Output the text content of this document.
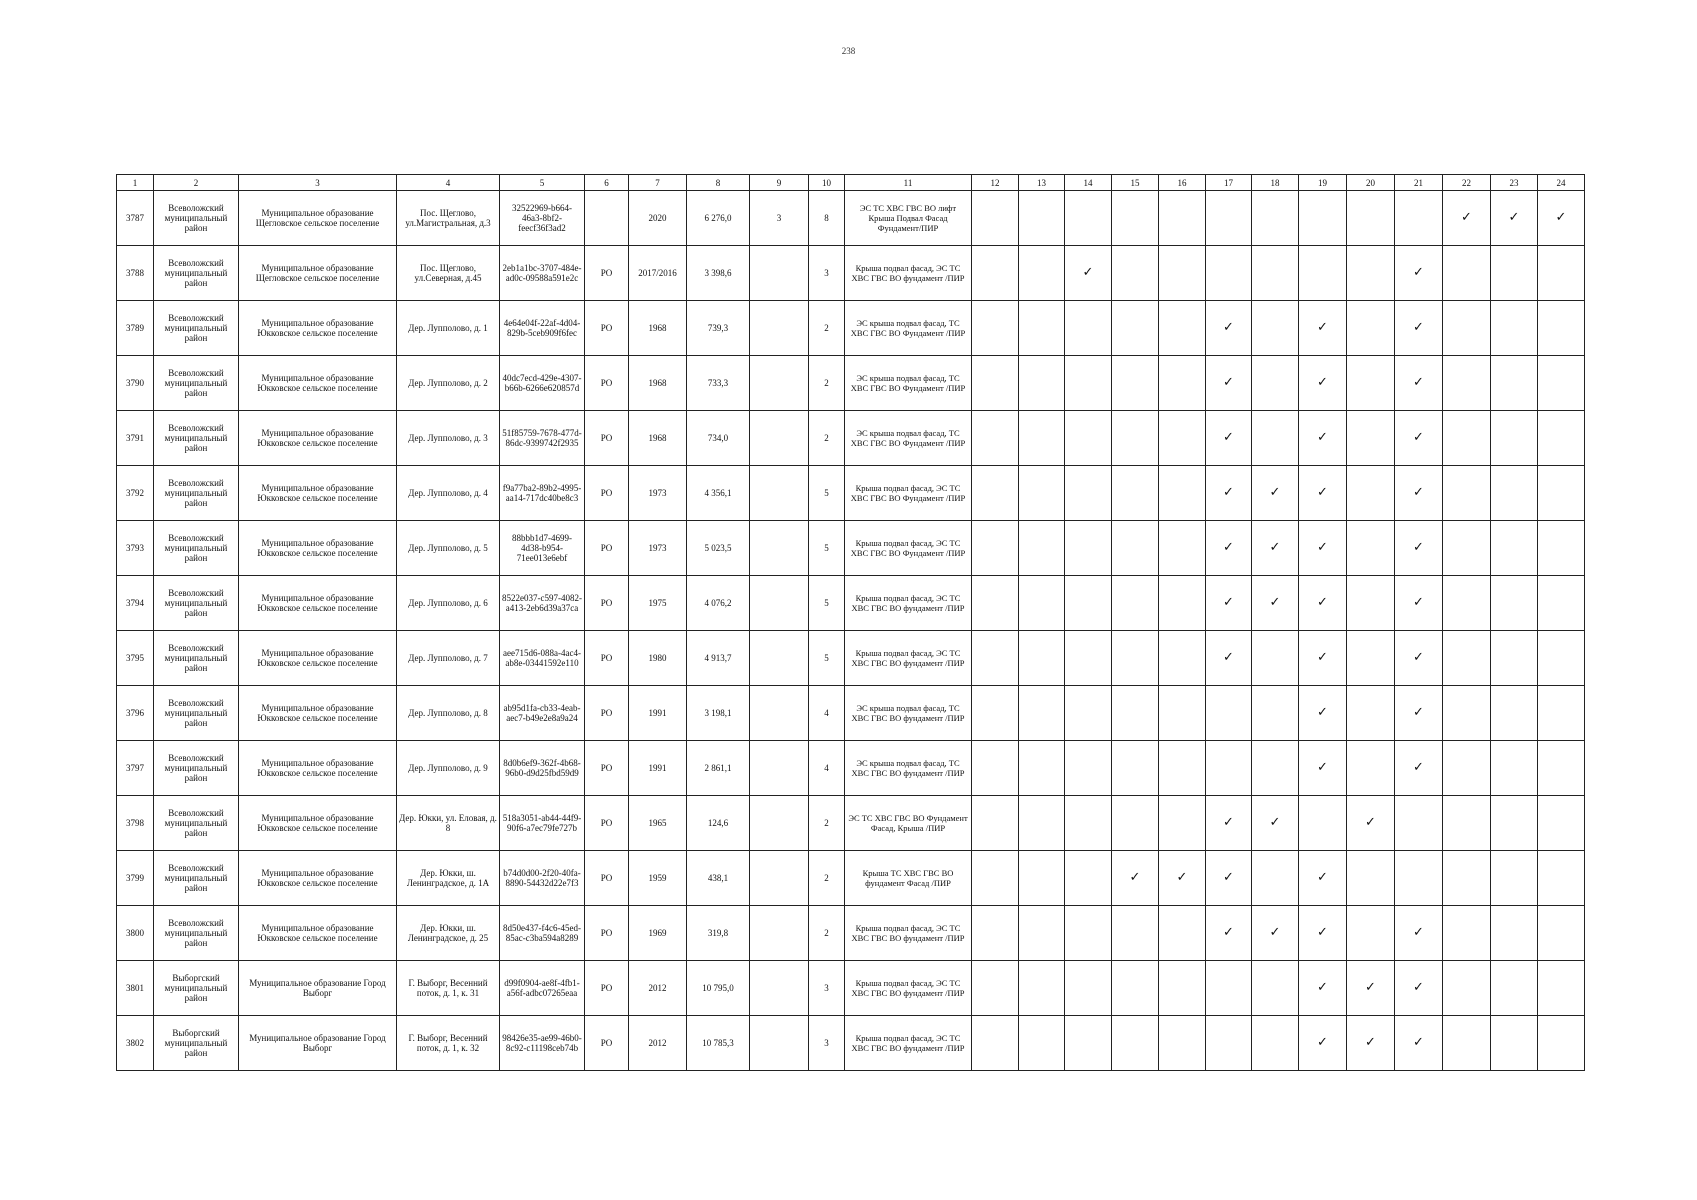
238
1	2	3	4	5	6	7	8	9	10	11	12	13	14	15	16	17	18	19	20	21	22	23	24
3787	Всеволожский муниципальный район	Муниципальное образование Щегловское сельское поселение	Пос. Щеглово, ул.Магистральная, д.3	32522969-b664-46a3-8bf2-feecf36f3ad2		2020	6 276,0	3	8	ЭС ТС ХВС ГВС ВО лифт Крыша Подвал Фасад Фундамент/ПИР											✓	✓	✓
3788	Всеволожский муниципальный район	Муниципальное образование Щегловское сельское поселение	Пос. Щеглово, ул.Северная, д.45	2eb1a1bc-3707-484e-ad0c-09588a591e2c	РО	2017/2016	3 398,6		3	Крыша подвал фасад, ЭС ТС ХВС ГВС ВО фундамент /ПИР			✓							✓			
3789	Всеволожский муниципальный район	Муниципальное образование Юкковское сельское поселение	Дер. Лупполово, д. 1	4e64e04f-22af-4d04-829b-5ceb909f6fec	РО	1968	739,3		2	ЭС крыша подвал фасад, ТС ХВС ГВС ВО Фундамент /ПИР						✓		✓		✓			
3790	Всеволожский муниципальный район	Муниципальное образование Юкковское сельское поселение	Дер. Лупполово, д. 2	40dc7ecd-429e-4307-b66b-6266e620857d	РО	1968	733,3		2	ЭС крыша подвал фасад, ТС ХВС ГВС ВО Фундамент /ПИР						✓		✓		✓			
3791	Всеволожский муниципальный район	Муниципальное образование Юкковское сельское поселение	Дер. Лупполово, д. 3	51f85759-7678-477d-86dc-9399742f2935	РО	1968	734,0		2	ЭС крыша подвал фасад, ТС ХВС ГВС ВО Фундамент /ПИР						✓		✓		✓			
3792	Всеволожский муниципальный район	Муниципальное образование Юкковское сельское поселение	Дер. Лупполово, д. 4	f9a77ba2-89b2-4995-aa14-717dc40be8c3	РО	1973	4 356,1		5	Крыша подвал фасад, ЭС ТС ХВС ГВС ВО Фундамент /ПИР						✓	✓	✓		✓			
3793	Всеволожский муниципальный район	Муниципальное образование Юкковское сельское поселение	Дер. Лупполово, д. 5	88bbb1d7-4699-4d38-b954-71ee013e6ebf	РО	1973	5 023,5		5	Крыша подвал фасад, ЭС ТС ХВС ГВС ВО Фундамент /ПИР						✓	✓	✓		✓			
3794	Всеволожский муниципальный район	Муниципальное образование Юкковское сельское поселение	Дер. Лупполово, д. 6	8522e037-c597-4082-a413-2eb6d39a37ca	РО	1975	4 076,2		5	Крыша подвал фасад, ЭС ТС ХВС ГВС ВО фундамент /ПИР						✓	✓	✓		✓			
3795	Всеволожский муниципальный район	Муниципальное образование Юкковское сельское поселение	Дер. Лупполово, д. 7	aee715d6-088a-4ac4-ab8e-03441592e110	РО	1980	4 913,7		5	Крыша подвал фасад, ЭС ТС ХВС ГВС ВО фундамент /ПИР						✓		✓		✓			
3796	Всеволожский муниципальный район	Муниципальное образование Юкковское сельское поселение	Дер. Лупполово, д. 8	ab95d1fa-cb33-4eab-aec7-b49e2e8a9a24	РО	1991	3 198,1		4	ЭС крыша подвал фасад, ТС ХВС ГВС ВО фундамент /ПИР								✓		✓			
3797	Всеволожский муниципальный район	Муниципальное образование Юкковское сельское поселение	Дер. Лупполово, д. 9	8d0b6ef9-362f-4b68-96b0-d9d25fbd59d9	РО	1991	2 861,1		4	ЭС крыша подвал фасад, ТС ХВС ГВС ВО фундамент /ПИР								✓		✓			
3798	Всеволожский муниципальный район	Муниципальное образование Юкковское сельское поселение	Дер. Юкки, ул. Еловая, д. 8	518a3051-ab44-44f9-90f6-a7ec79fe727b	РО	1965	124,6		2	ЭС ТС ХВС ГВС ВО Фундамент Фасад, Крыша /ПИР						✓	✓		✓				
3799	Всеволожский муниципальный район	Муниципальное образование Юкковское сельское поселение	Дер. Юкки, ш. Ленинградское, д. 1А	b74d0d00-2f20-40fa-8890-54432d22e7f3	РО	1959	438,1		2	Крыша ТС ХВС ГВС ВО фундамент Фасад /ПИР				✓	✓	✓		✓					
3800	Всеволожский муниципальный район	Муниципальное образование Юкковское сельское поселение	Дер. Юкки, ш. Ленинградское, д. 25	8d50e437-f4c6-45ed-85ac-c3ba594a8289	РО	1969	319,8		2	Крыша подвал фасад, ЭС ТС ХВС ГВС ВО фундамент /ПИР						✓	✓	✓		✓			
3801	Выборгский муниципальный район	Муниципальное образование Город Выборг	Г. Выборг, Весенний поток, д. 1, к. 31	d99f0904-ae8f-4fb1-a56f-adbc07265eaa	РО	2012	10 795,0		3	Крыша подвал фасад, ЭС ТС ХВС ГВС ВО фундамент /ПИР								✓	✓	✓			
3802	Выборгский муниципальный район	Муниципальное образование Город Выборг	Г. Выборг, Весенний поток, д. 1, к. 32	98426e35-ae99-46b0-8c92-c11198ceb74b	РО	2012	10 785,3		3	Крыша подвал фасад, ЭС ТС ХВС ГВС ВО фундамент /ПИР								✓	✓	✓			
